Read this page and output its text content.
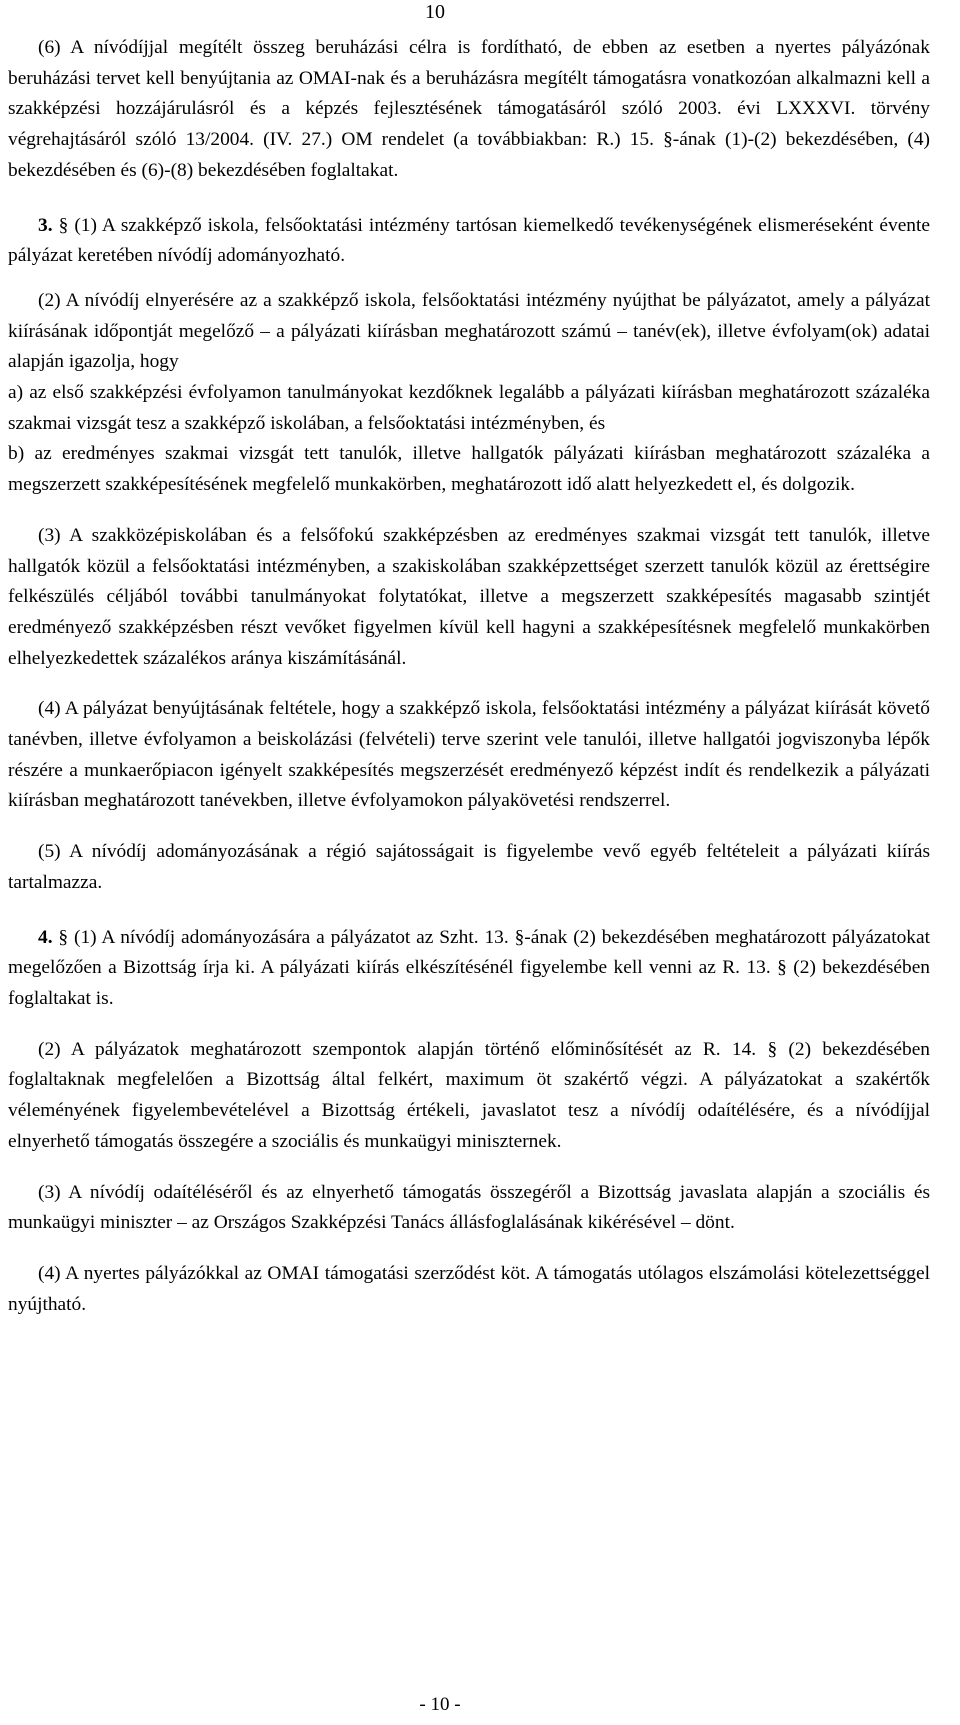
10

(6) A nívódíjjal megítélt összeg beruházási célra is fordítható, de ebben az esetben a nyertes pályázónak beruházási tervet kell benyújtania az OMAI-nak és a beruházásra megítélt támogatásra vonatkozóan alkalmazni kell a szakképzési hozzájárulásról és a képzés fejlesztésének támogatásáról szóló 2003. évi LXXXVI. törvény végrehajtásáról szóló 13/2004. (IV. 27.) OM rendelet (a továbbiakban: R.) 15. §-ának (1)-(2) bekezdésében, (4) bekezdésében és (6)-(8) bekezdésében foglaltakat.

3. § (1) A szakképző iskola, felsőoktatási intézmény tartósan kiemelkedő tevékenységének elismeréseként évente pályázat keretében nívódíj adományozható.

(2) A nívódíj elnyerésére az a szakképző iskola, felsőoktatási intézmény nyújthat be pályázatot, amely a pályázat kiírásának időpontját megelőző – a pályázati kiírásban meghatározott számú – tanév(ek), illetve évfolyam(ok) adatai alapján igazolja, hogy

a) az első szakképzési évfolyamon tanulmányokat kezdőknek legalább a pályázati kiírásban meghatározott százaléka szakmai vizsgát tesz a szakképző iskolában, a felsőoktatási intézményben, és

b) az eredményes szakmai vizsgát tett tanulók, illetve hallgatók pályázati kiírásban meghatározott százaléka a megszerzett szakképesítésének megfelelő munkakörben, meghatározott idő alatt helyezkedett el, és dolgozik.

(3) A szakközépiskolában és a felsőfokú szakképzésben az eredményes szakmai vizsgát tett tanulók, illetve hallgatók közül a felsőoktatási intézményben, a szakiskolában szakképzettséget szerzett tanulók közül az érettségire felkészülés céljából további tanulmányokat folytatókat, illetve a megszerzett szakképesítés magasabb szintjét eredményező szakképzésben részt vevőket figyelmen kívül kell hagyni a szakképesítésnek megfelelő munkakörben elhelyezkedettek százalékos aránya kiszámításánál.

(4) A pályázat benyújtásának feltétele, hogy a szakképző iskola, felsőoktatási intézmény a pályázat kiírását követő tanévben, illetve évfolyamon a beiskolázási (felvételi) terve szerint vele tanulói, illetve hallgatói jogviszonyba lépők részére a munkaerőpiacon igényelt szakképesítés megszerzését eredményező képzést indít és rendelkezik a pályázati kiírásban meghatározott tanévekben, illetve évfolyamokon pályakövetési rendszerrel.

(5) A nívódíj adományozásának a régió sajátosságait is figyelembe vevő egyéb feltételeit a pályázati kiírás tartalmazza.

4. § (1) A nívódíj adományozására a pályázatot az Szht. 13. §-ának (2) bekezdésében meghatározott pályázatokat megelőzően a Bizottság írja ki. A pályázati kiírás elkészítésénél figyelembe kell venni az R. 13. § (2) bekezdésében foglaltakat is.

(2) A pályázatok meghatározott szempontok alapján történő előminősítését az R. 14. § (2) bekezdésében foglaltaknak megfelelően a Bizottság által felkért, maximum öt szakértő végzi. A pályázatokat a szakértők véleményének figyelembevételével a Bizottság értékeli, javaslatot tesz a nívódíj odaítélésére, és a nívódíjjal elnyerhető támogatás összegére a szociális és munkaügyi miniszternek.

(3) A nívódíj odaítéléséről és az elnyerhető támogatás összegéről a Bizottság javaslata alapján a szociális és munkaügyi miniszter – az Országos Szakképzési Tanács állásfoglalásának kikérésével – dönt.

(4) A nyertes pályázókkal az OMAI támogatási szerződést köt. A támogatás utólagos elszámolási kötelezettséggel nyújtható.

- 10 -
